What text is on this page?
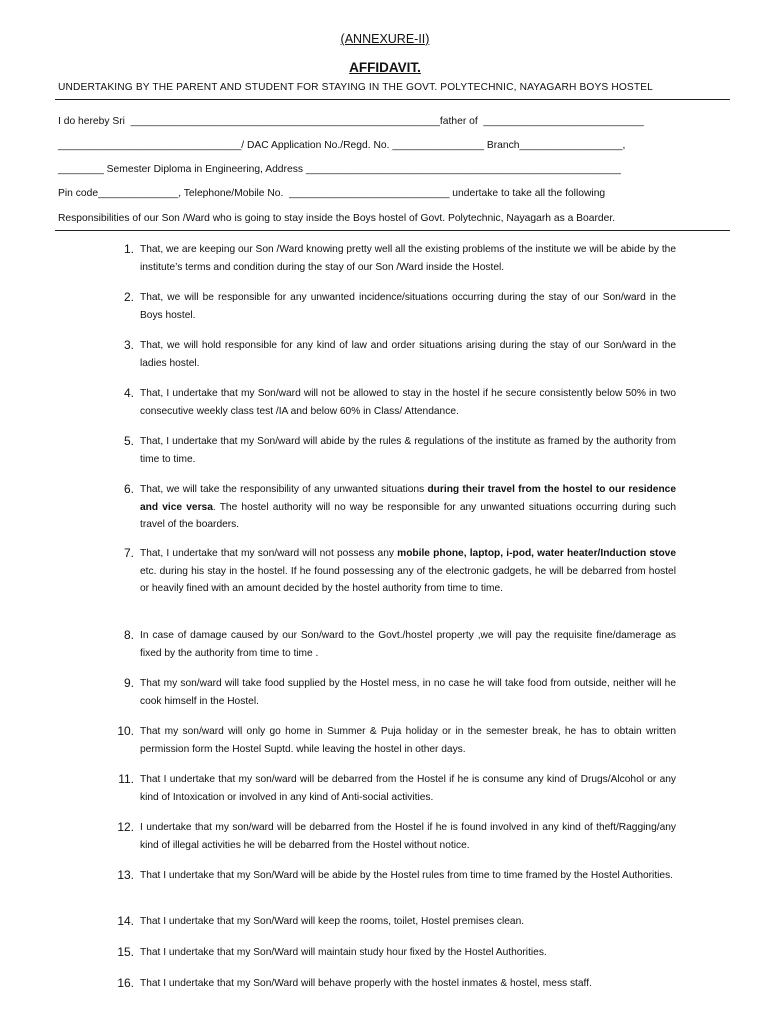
(ANNEXURE-II)
AFFIDAVIT.
UNDERTAKING BY THE PARENT AND STUDENT FOR STAYING IN THE GOVT. POLYTECHNIC, NAYAGARH BOYS HOSTEL
I do hereby Sri  ______________________________________________________father of  ____________________________
________________________________/ DAC Application No./Regd. No. ________________ Branch__________________,
________ Semester Diploma in Engineering, Address _______________________________________________________
Pin code______________, Telephone/Mobile No.  ____________________________ undertake to take all the following
Responsibilities of our Son /Ward who is going to stay inside the Boys hostel of Govt. Polytechnic, Nayagarh as a Boarder.
1. That, we are keeping our Son /Ward knowing pretty well all the existing problems of the institute we will be abide by the institute’s terms and condition during the stay of our Son /Ward inside the Hostel.
2. That, we will be responsible for any unwanted incidence/situations occurring during the stay of our Son/ward in the Boys hostel.
3. That, we will hold responsible for any kind of law and order situations arising during the stay of our Son/ward in the ladies hostel.
4. That, I undertake that my Son/ward will not be allowed to stay in the hostel if he secure consistently below 50% in two consecutive weekly class test /IA and below 60% in Class/ Attendance.
5. That, I undertake that my Son/ward will abide by the rules & regulations of the institute as framed by the authority from time to time.
6. That, we will take the responsibility of any unwanted situations during their travel from the hostel to our residence and vice versa. The hostel authority will no way be responsible for any unwanted situations occurring during such travel of the boarders.
7. That, I undertake that my son/ward will not possess any mobile phone, laptop, i-pod, water heater/Induction stove etc. during his stay in the hostel. If he found possessing any of the electronic gadgets, he will be debarred from hostel or heavily fined with an amount decided by the hostel authority from time to time.
8. In case of damage caused by our Son/ward to the Govt./hostel property ,we will pay the requisite fine/damerage as fixed by the authority from time to time .
9. That my son/ward will take food supplied by the Hostel mess, in no case he will take food from outside, neither will he cook himself in the Hostel.
10. That my son/ward will only go home in Summer & Puja holiday or in the semester break, he has to obtain written permission form the Hostel Suptd. while leaving the hostel in other days.
11. That I undertake that my son/ward will be debarred from the Hostel if he is consume any kind of Drugs/Alcohol or any kind of Intoxication or involved in any kind of Anti-social activities.
12. I undertake that my son/ward will be debarred from the Hostel if he is found involved in any kind of theft/Ragging/any kind of illegal activities he will be debarred from the Hostel without notice.
13. That I undertake that my Son/Ward will be abide by the Hostel rules from time to time framed by the Hostel Authorities.
14. That I undertake that my Son/Ward will keep the rooms, toilet, Hostel premises clean.
15. That I undertake that my Son/Ward will maintain study hour fixed by the Hostel Authorities.
16. That I undertake that my Son/Ward will behave properly with the hostel inmates & hostel, mess staff.
